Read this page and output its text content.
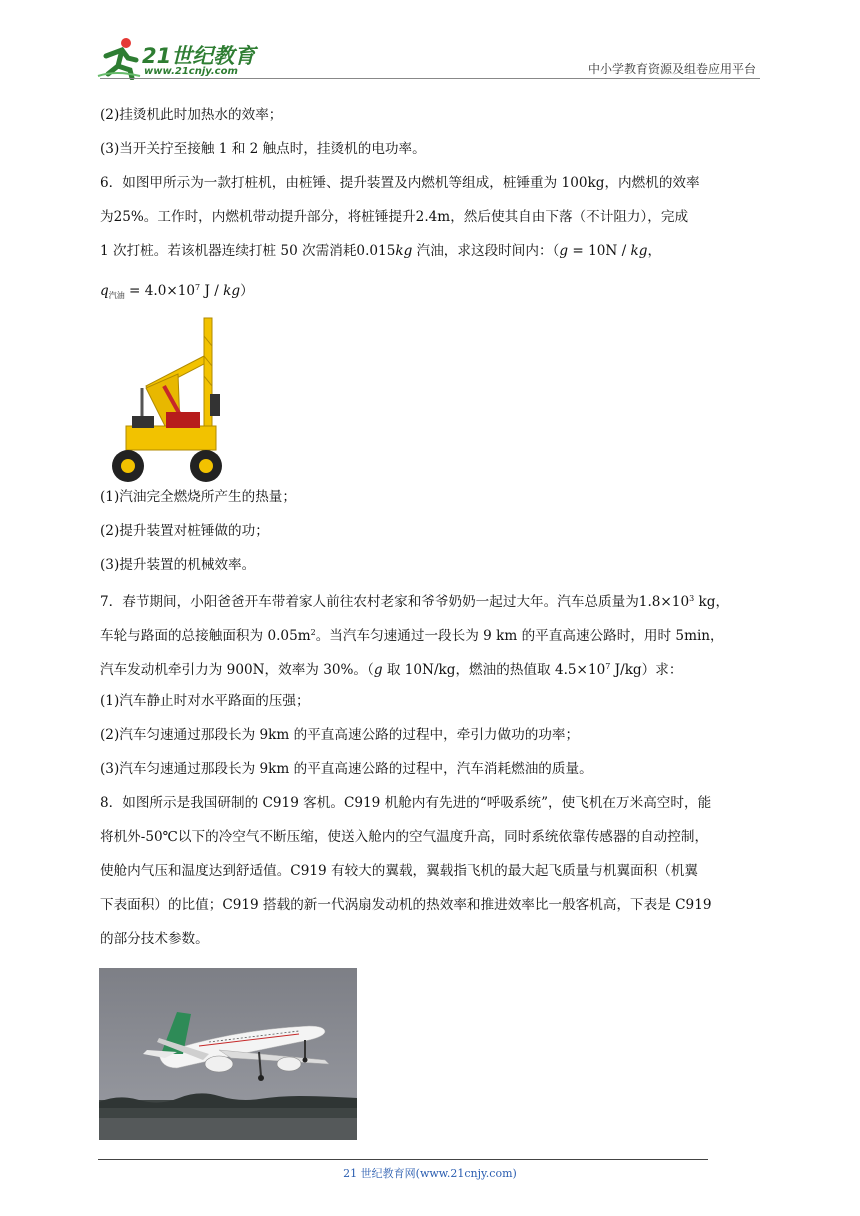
21世纪教育
www.21cnjy.com	中小学教育资源及组卷应用平台
(2)挂烫机此时加热水的效率；
(3)当开关拧至接触 1 和 2 触点时，挂烫机的电功率。
6．如图甲所示为一款打桩机，由桩锤、提升装置及内燃机等组成，桩锤重为 100kg，内燃机的效率
为25%。工作时，内燃机带动提升部分，将桩锤提升2.4m，然后使其自由下落（不计阻力），完成
1 次打桩。若该机器连续打桩 50 次需消耗0.015kg 汽油，求这段时间内：（g = 10N / kg，
$q_{汽油} = 4.0\times 10^7$ J / kg）
(1)汽油完全燃烧所产生的热量；
(2)提升装置对桩锤做的功；
(3)提升装置的机械效率。
7．春节期间，小阳爸爸开车带着家人前往农村老家和爷爷奶奶一起过大年。汽车总质量为$1.8\times 10^3$ kg，
车轮与路面的总接触面积为 $0.05m^2$。当汽车匀速通过一段长为 9 km 的平直高速公路时，用时 5min，
汽车发动机牵引力为 900N，效率为 30%。（g 取 10N/kg，燃油的热值取 $4.5\times 10^7$ J/kg）求：
(1)汽车静止时对水平路面的压强；
(2)汽车匀速通过那段长为 9km 的平直高速公路的过程中，牵引力做功的功率；
(3)汽车匀速通过那段长为 9km 的平直高速公路的过程中，汽车消耗燃油的质量。
8．如图所示是我国研制的 C919 客机。C919 机舱内有先进的“呼吸系统”，使飞机在万米高空时，能
将机外-50℃以下的冷空气不断压缩，使送入舱内的空气温度升高，同时系统依靠传感器的自动控制，
使舱内气压和温度达到舒适值。C919 有较大的翼载，翼载指飞机的最大起飞质量与机翼面积（机翼
下表面积）的比值；C919 搭载的新一代涡扇发动机的热效率和推进效率比一般客机高，下表是 C919
的部分技术参数。
21 世纪教育网(www.21cnjy.com)
